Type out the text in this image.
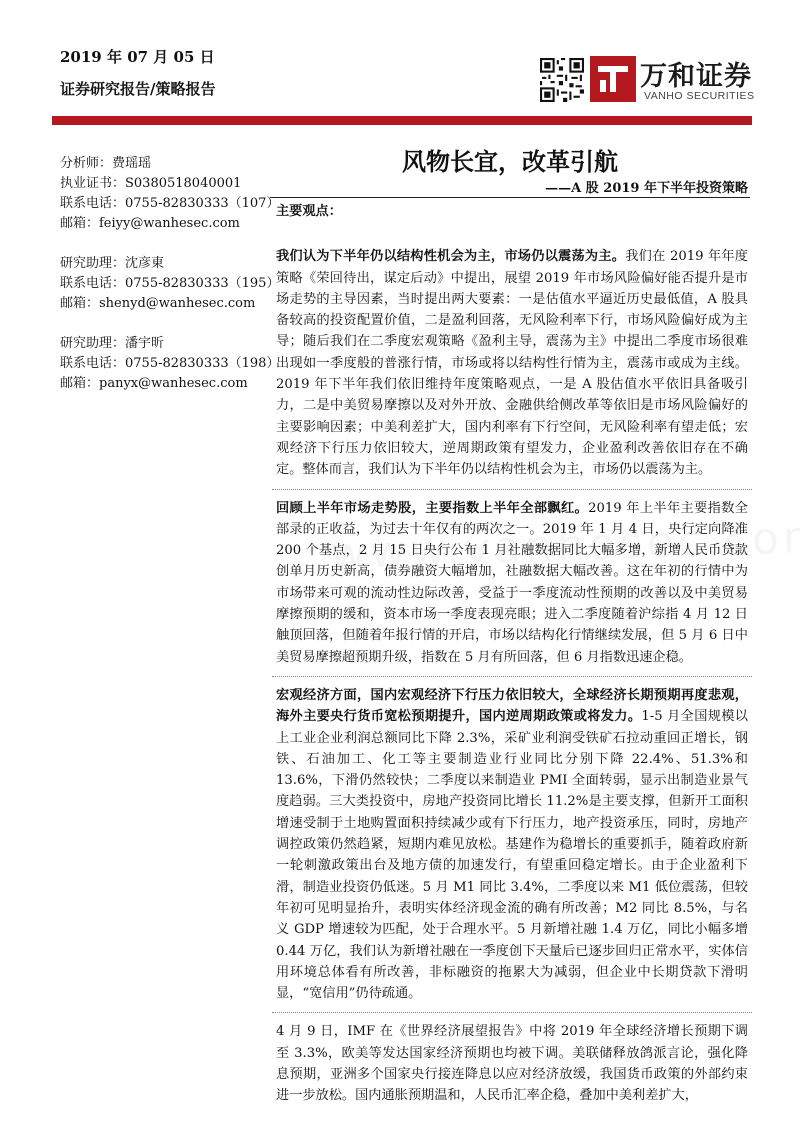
2019 年 07 月 05 日
证券研究报告/策略报告	万和证券
VANHO SECURITIES
分析师：费瑶瑶
执业证书：S0380518040001
联系电话：0755-82830333（107）
邮箱：feiyy@wanhesec.com
研究助理：沈彦東
联系电话：0755-82830333（195）
邮箱：shenyd@wanhesec.com
研究助理：潘宇昕
联系电话：0755-82830333（198）
邮箱：panyx@wanhesec.com
风物长宜，改革引航
——A 股 2019 年下半年投资策略

主要观点：

我们认为下半年仍以结构性机会为主，市场仍以震荡为主。我们在 2019 年年度策略《荣回待出，谋定后动》中提出，展望 2019 年市场风险偏好能否提升是市场走势的主导因素，当时提出两大要素：一是估值水平逼近历史最低值，A 股具备较高的投资配置价值，二是盈利回落，无风险利率下行，市场风险偏好成为主导；随后我们在二季度宏观策略《盈利主导，震荡为主》中提出二季度市场很难出现如一季度般的普涨行情，市场或将以结构性行情为主，震荡市或成为主线。2019 年下半年我们依旧维持年度策略观点，一是 A 股估值水平依旧具备吸引力，二是中美贸易摩擦以及对外开放、金融供给侧改革等依旧是市场风险偏好的主要影响因素；中美利差扩大，国内利率有下行空间，无风险利率有望走低；宏观经济下行压力依旧较大，逆周期政策有望发力，企业盈利改善依旧存在不确定。整体而言，我们认为下半年仍以结构性机会为主，市场仍以震荡为主。

回顾上半年市场走势股，主要指数上半年全部飘红。2019 年上半年主要指数全部录的正收益，为过去十年仅有的两次之一。2019 年 1 月 4 日，央行定向降准 200 个基点，2 月 15 日央行公布 1 月社融数据同比大幅多增，新增人民币贷款创单月历史新高，债券融资大幅增加，社融数据大幅改善。这在年初的行情中为市场带来可观的流动性边际改善，受益于一季度流动性预期的改善以及中美贸易摩擦预期的缓和，资本市场一季度表现亮眼；进入二季度随着沪综指 4 月 12 日触顶回落，但随着年报行情的开启，市场以结构化行情继续发展，但 5 月 6 日中美贸易摩擦超预期升级，指数在 5 月有所回落，但 6 月指数迅速企稳。

宏观经济方面，国内宏观经济下行压力依旧较大，全球经济长期预期再度悲观，海外主要央行货币宽松预期提升，国内逆周期政策或将发力。1-5 月全国规模以上工业企业利润总额同比下降 2.3%，采矿业利润受铁矿石拉动重回正增长，钢铁、石油加工、化工等主要制造业行业同比分别下降 22.4%、51.3%和 13.6%，下滑仍然较快；二季度以来制造业 PMI 全面转弱，显示出制造业景气度趋弱。三大类投资中，房地产投资同比增长 11.2%是主要支撑，但新开工面积增速受制于土地购置面积持续减少或有下行压力，地产投资承压，同时，房地产调控政策仍然趋紧，短期内难见放松。基建作为稳增长的重要抓手，随着政府新一轮刺激政策出台及地方债的加速发行，有望重回稳定增长。由于企业盈利下滑，制造业投资仍低迷。5 月 M1 同比 3.4%，二季度以来 M1 低位震荡，但较年初可见明显抬升，表明实体经济现金流的确有所改善；M2 同比 8.5%，与名义 GDP 增速较为匹配，处于合理水平。5 月新增社融 1.4 万亿，同比小幅多增 0.44 万亿，我们认为新增社融在一季度创下天量后已逐步回归正常水平，实体信用环境总体看有所改善，非标融资的拖累大为减弱，但企业中长期贷款下滑明显，“宽信用”仍待疏通。

4 月 9 日，IMF 在《世界经济展望报告》中将 2019 年全球经济增长预期下调至 3.3%，欧美等发达国家经济预期也均被下调。美联储释放鸽派言论，强化降息预期，亚洲多个国家央行接连降息以应对经济放缓，我国货币政策的外部约束进一步放松。国内通胀预期温和，人民币汇率企稳，叠加中美利差扩大，
